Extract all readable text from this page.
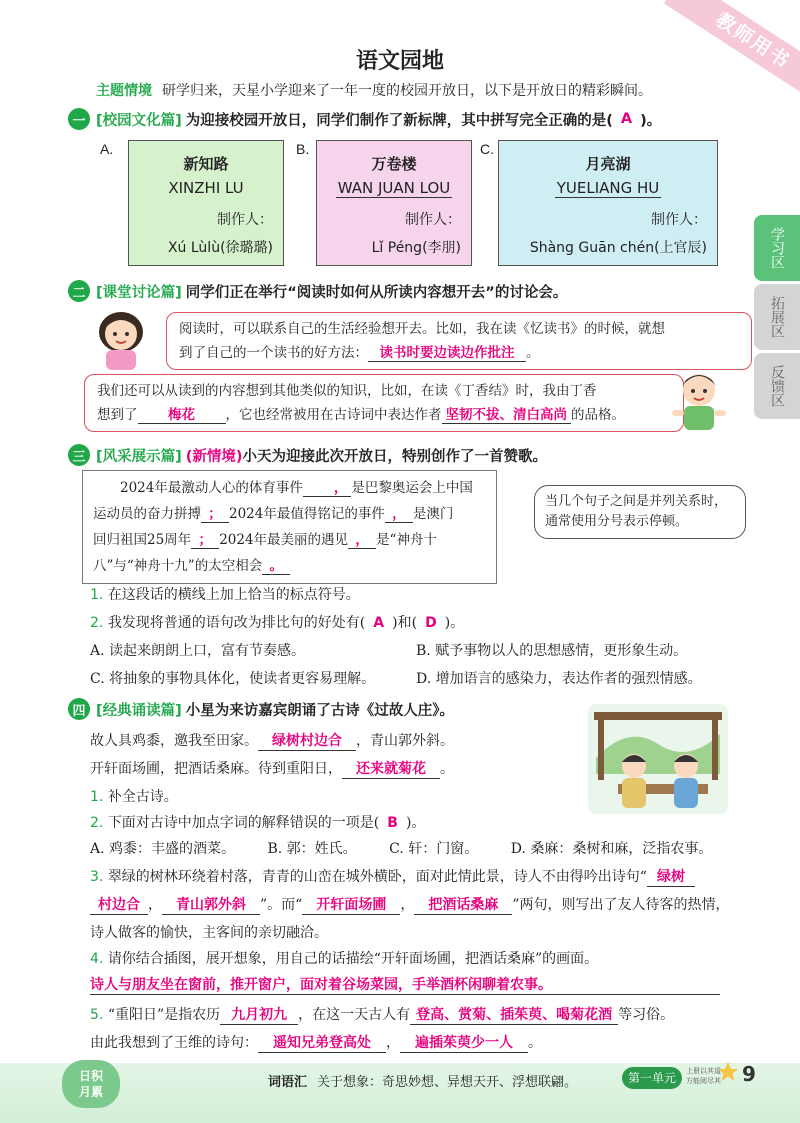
教师用书
学习区
拓展区
反馈区
语文园地
主题情境 研学归来，天星小学迎来了一年一度的校园开放日，以下是开放日的精彩瞬间。
一 [校园文化篇] 为迎接校园开放日，同学们制作了新标牌，其中拼写完全正确的是( A )。
A.
新知路
XINZHI LU
制作人：
Xú Lùlù(徐璐璐)
B.
万卷楼
WAN JUAN LOU
制作人：
Lǐ Péng(李朋)
C.
月亮湖
YUELIANG HU
制作人：
Shàng Guān chén(上官辰)
二 [课堂讨论篇] 同学们正在举行“阅读时如何从所读内容想开去”的讨论会。
阅读时，可以联系自己的生活经验想开去。比如，我在读《忆读书》的时候，就想
到了自己的一个读书的好方法： 读书时要边读边作批注 。
我们还可以从读到的内容想到其他类似的知识，比如，在读《丁香结》时，我由丁香
想到了 梅花 ，它也经常被用在古诗词中表达作者 坚韧不拔、清白高尚 的品格。
三 [风采展示篇] (新情境) 小天为迎接此次开放日，特别创作了一首赞歌。
2024年最激动人心的体育事件 ， 是巴黎奥运会上中国
运动员的奋力拼搏 ； 2024年最值得铭记的事件 ， 是澳门
回归祖国25周年 ； 2024年最美丽的遇见 ， 是“神舟十
八”与“神舟十九”的太空相会 。
当几个句子之间是并列关系时，通常使用分号表示停顿。
1. 在这段话的横线上加上恰当的标点符号。
2. 我发现将普通的语句改为排比句的好处有( A )和( D )。
A. 读起来朗朗上口，富有节奏感。	B. 赋予事物以人的思想感情，更形象生动。
C. 将抽象的事物具体化，使读者更容易理解。	D. 增加语言的感染力，表达作者的强烈情感。
四 [经典诵读篇] 小星为来访嘉宾朗诵了古诗《过故人庄》。
故人具鸡黍，邀我至田家。 绿树村边合 ，青山郭外斜。
开轩面场圃，把酒话桑麻。待到重阳日， 还来就菊花 。
1. 补全古诗。
2. 下面对古诗中加点字词的解释错误的一项是( B )。
A. 鸡黍：丰盛的酒菜。 B. 郭：姓氏。 C. 轩：门窗。 D. 桑麻：桑树和麻，泛指农事。
3. 翠绿的树林环绕着村落，青青的山峦在城外横卧，面对此情此景，诗人不由得吟出诗句“ 绿树
村边合 ， 青山郭外斜 ”。而“ 开轩面场圃 ， 把酒话桑麻 ”两句，则写出了友人待客的热情，
诗人做客的愉快，主客间的亲切融洽。
4. 请你结合插图，展开想象，用自己的话描绘“开轩面场圃，把酒话桑麻”的画面。
诗人与朋友坐在窗前，推开窗户，面对着谷场菜园，手举酒杯闲聊着农事。
5. “重阳日”是指农历 九月初九 ，在这一天古人有 登高、赏菊、插茱萸、喝菊花酒 等习俗。
由此我想到了王维的诗句： 遥知兄弟登高处 ， 遍插茱萸少一人 。
日积
月累
词语汇 关于想象：奇思妙想、异想天开、浮想联翩。	第一单元	上册以其道
方能阅尽其 9
